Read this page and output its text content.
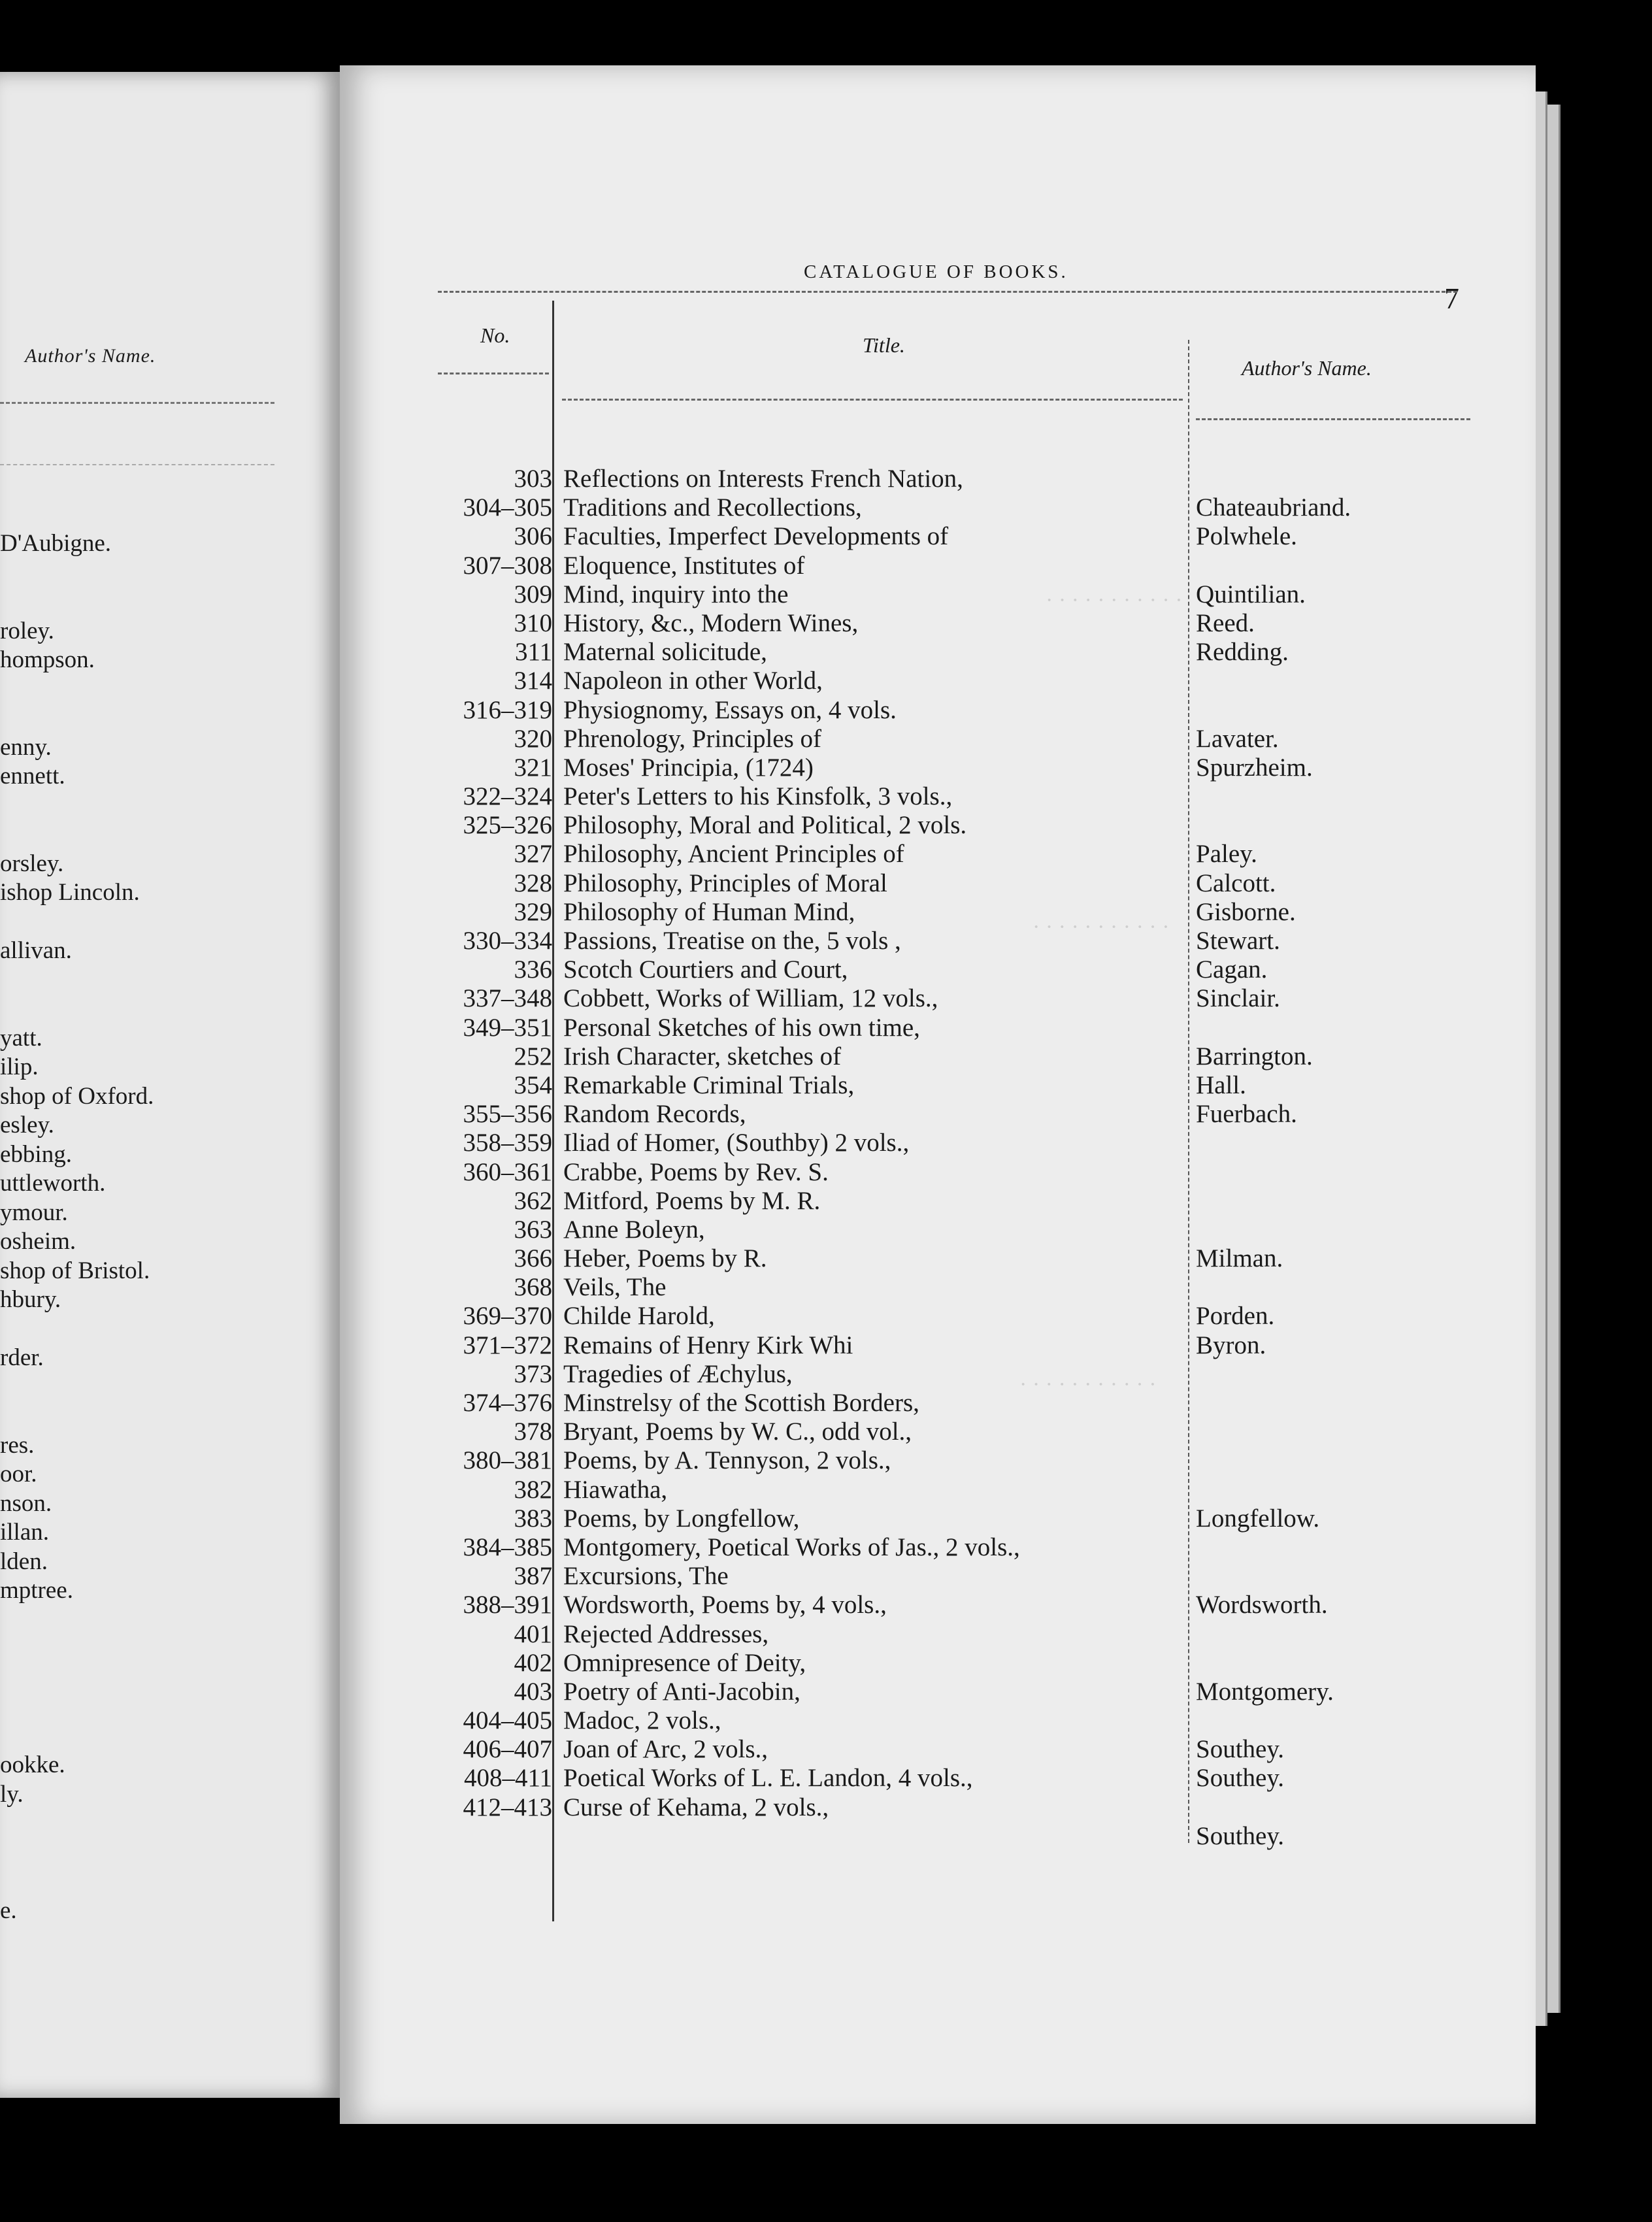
Author's Name.
D'Aubigne.
roley.
hompson.
enny.
ennett.
orsley.
ishop Lincoln.
allivan.
yatt.
ilip.
shop of Oxford.
esley.
ebbing.
uttleworth.
ymour.
osheim.
shop of Bristol.
hbury.
rder.
res.
oor.
nson.
illan.
lden.
mptree.
ookke.
ly.
e.
· · · · · · · · · · ·
· · · · · · · · · · ·
· · · · · · · · · · ·
CATALOGUE OF BOOKS.
7
No.	Title.
Author's Name.
303 Reflections on Interests French Nation,
304–305 Traditions and Recollections,	Chateaubriand.
306 Faculties, Imperfect Developments of	Polwhele.
307–308 Eloquence, Institutes of
309 Mind, inquiry into the	Quintilian.
310 History, &c., Modern Wines,	Reed.
311 Maternal solicitude,	Redding.
314 Napoleon in other World,
316–319 Physiognomy, Essays on, 4 vols.
320 Phrenology, Principles of	Lavater.
321 Moses' Principia, (1724)	Spurzheim.
322–324 Peter's Letters to his Kinsfolk, 3 vols.,
325–326 Philosophy, Moral and Political, 2 vols.
327 Philosophy, Ancient Principles of	Paley.
328 Philosophy, Principles of Moral	Calcott.
329 Philosophy of Human Mind,	Gisborne.
330–334 Passions, Treatise on the, 5 vols ,	Stewart.
336 Scotch Courtiers and Court,	Cagan.
337–348 Cobbett, Works of William, 12 vols.,	Sinclair.
349–351 Personal Sketches of his own time,
252 Irish Character, sketches of	Barrington.
354 Remarkable Criminal Trials,	Hall.
355–356 Random Records,	Fuerbach.
358–359 Iliad of Homer, (Southby) 2 vols.,
360–361 Crabbe, Poems by Rev. S.
362 Mitford, Poems by M. R.
363 Anne Boleyn,
366 Heber, Poems by R.	Milman.
368 Veils, The
369–370 Childe Harold,	Porden.
371–372 Remains of Henry Kirk Whi	Byron.
373 Tragedies of Æchylus,
374–376 Minstrelsy of the Scottish Borders,
378 Bryant, Poems by W. C., odd vol.,
380–381 Poems, by A. Tennyson, 2 vols.,
382 Hiawatha,
383 Poems, by Longfellow,	Longfellow.
384–385 Montgomery, Poetical Works of Jas., 2 vols.,
387 Excursions, The
388–391 Wordsworth, Poems by, 4 vols.,	Wordsworth.
401 Rejected Addresses,
402 Omnipresence of Deity,
403 Poetry of Anti-Jacobin,	Montgomery.
404–405 Madoc, 2 vols.,
406–407 Joan of Arc, 2 vols.,	Southey.
408–411 Poetical Works of L. E. Landon, 4 vols.,	Southey.
412–413 Curse of Kehama, 2 vols.,
Southey.
